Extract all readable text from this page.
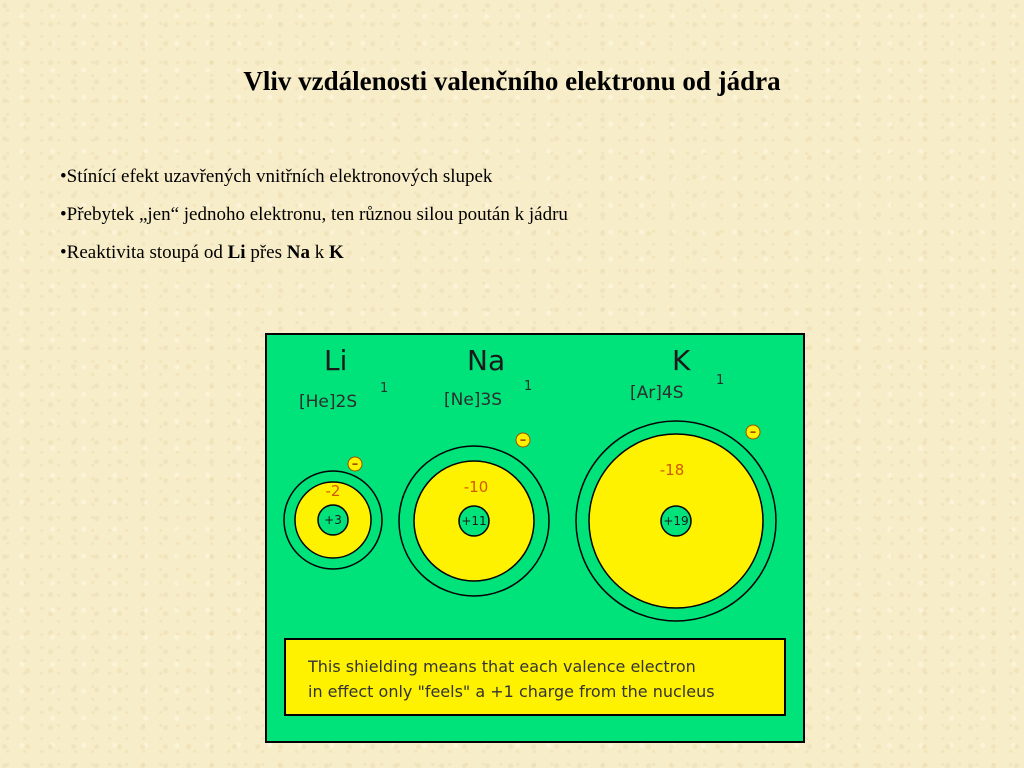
Vliv vzdálenosti valenčního elektronu od jádra
•Stínící efekt uzavřených vnitřních elektronových slupek
•Přebytek „jen“ jednoho elektronu, ten různou silou poután k jádru
•Reaktivita stoupá od Li přes Na k K
Li
[He]2S
1
-2
+3
–
Na
[Ne]3S
1
-10
+11
–
K
[Ar]4S
1
-18
+19
–
This shielding means that each valence electron
in effect only "feels" a +1 charge from the nucleus
